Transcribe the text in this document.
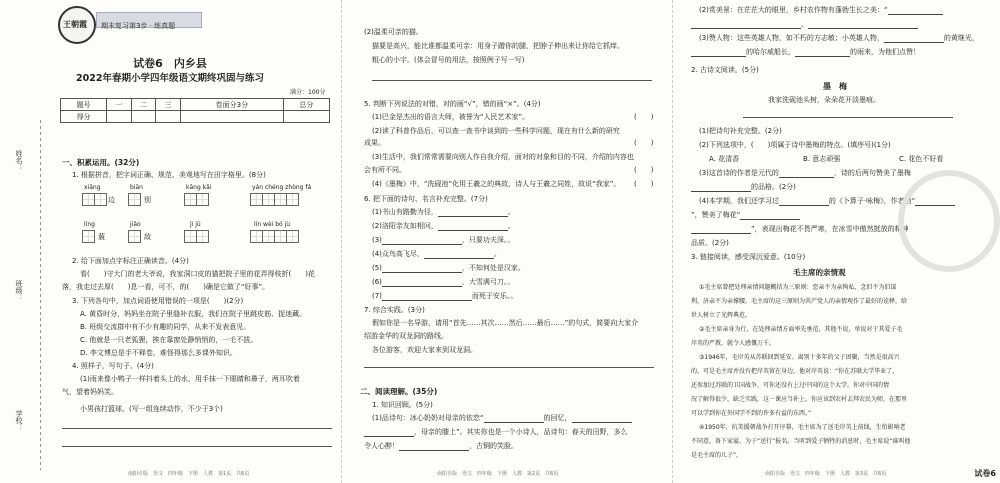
王朝霞	期末复习第3步 · 练真题
试卷6　内乡县
2022年春期小学四年级语文期终巩固与练习
满分：100分
题号	一	二	三	卷面分3分	总分
得分					
姓名：
班级：
学校：
一、积累运用。(32分)
1. 根据拼音，把字词正确、规范、美观地写在田字格里。(8分)
xiǎng	biān	kāng kǎi	yán chéng zhòng fá
边	别
líng	jiǎo	jì jū	lín wèi bó jù
藐	敌
2. 给下面加点字标注正确读音。(4分)
看(　　)守大门的老大爷说，我家洞口皮的猫把院子里的花弄得枝折(　　)花
落，我走过去厚(　　)息一看，可不，的(　　)确是它做了“好事”。
3. 下列各句中，加点词语使用错误的一项是(　　)(2分)
A. 黄昏时分，妈妈坐在院子里缝补衣服，我们在院子里跳皮筋、捉迷藏。
B. 班级交流群中有不少有趣的同学，从来不发表意见。
C. 他就是一只老狐狸，挨在靠窗处静悄悄的，一毛不拔。
D. 李文博总是手不释卷，难怪得那么多课外知识。
4. 照样子，写句子。(4分)
(1)雨来像小鸭子一样抖着头上的水，用手抹一下眼睛和鼻子，两耳吹着
气，望着妈妈笑。
小男孩打篮球。(写一组连续动作，不少于3个)
南阳专版　语文　四年级　下册　人教　第1页　共6页
(2)温柔可亲的猫。
猫要是高兴，能比谁都温柔可亲：用身子蹭你的腿，把脖子伸出来让你给它抓痒。
粗心的小宇。(体会冒号的用法，按照例子写一写)
5. 判断下列说法的对错，对的画“√”，错的画“×”。(4分)
(1)巴金是杰出的语言大师，被誉为“人民艺术家”。
(2)读了科普作品后，可以查一查书中谈到的一些科学问题，现在有什么新的研究
成果。
(3)生活中，我们常常需要向别人作自我介绍，面对的对象和目的不同，介绍的内容也
会有所不同。
(4)《墨梅》中，“洗砚池”化用王羲之的典故，诗人与王羲之同姓，故说“我家”。
(　　)
(　　)
(　　)
(　　)
6. 把下面的诗句、名言补充完整。(7分)
(1)书山有路勤为径，	。
(2)洛阳亲友如相问，	。
(3)	，只要功夫深。。
(4)众鸟高飞尽，	。
(5)	，不知何处是汉家。
(6)	，大雪满弓刀。。
(7)	而死于安乐。。
7. 综合实践。(3分)
假如你是一名导游，请用“首先……其次……然后……最后……”的句式，简要向大家介
绍游金华的双龙洞的路线。
各位游客，欢迎大家来到双龙洞。
二、阅读理解。(35分)
1. 知识回顾。(5分)
(1)品诗句：冰心奶奶对母亲的依恋“	的回忆，
，母亲的膝上”。其实你也是一个小诗人，品诗句：春天的田野，多么
令人心醉！	，古铜的笑脸。
南阳专版　语文　四年级　下册　人教　第2页　共6页
(2)赏美景：在茫茫大的眼里，乡村农作物有蓬勃生长之美：“
，
(3)赞人物：这些英雄人物，如不朽的方志敏；小英雄人物，	的黄继光，
的哈尔威船长，	的雨来，为他们点赞！
2. 古诗文阅读。(5分)
墨　梅
我家洗砚池头树，朵朵花开淡墨痕。
(1)把诗句补充完整。(2分)
(2)下列选项中，(　　)项属于诗中墨梅的特点。(填序号)(1分)
A. 花清香	B. 意志顽强	C. 花色不好看
(3)这首诗的作者是元代的	，诗的后两句赞美了墨梅
的品格。(2分)
(4)本学期，我们还学习过	的《卜算子·咏梅》，作者借“
”，赞美了梅花“
”，表现出梅花不畏严寒，在冰雪中傲然挺放的精神
品质。(2分)
3. 链接阅读，感受深沉爱意。(10分)
毛主席的亲情观
①毛主席曾把处理亲情问题概括为三原则：恋亲不为亲徇私，念旧不为旧谋
利，济亲不为亲撑腰。毛主席的这三原则为共产党人的亲情观作了最好的诠释，给
世人树立了光辉典范。
②毛主席亲身为行，在处理亲情方面率先垂范，其他不说，单说对于其爱子毛
岸英的严教，就令人感慨万千。
③1946年，毛岸英从苏联回到延安。离别十多年的父子团聚，当然是很高兴
的。可是毛主席并没有把岸英留在身边。他对岸英说：“你在苏联大学毕业了，
还参加过苏联的卫国战争，可你还没有上过中国的这个大学。你对中国的情
况了解得很少，缺乏实践，这一课应当补上。你应该到农村去拜农民为师，在那里
可以学到你在外国学不到的许多有益的东西。”
④1950年，抗美援朝战争打开序幕，毛主席为了送毛岸英上前线，生怕影响老
不同意，备下家宴，为子“送行”报名。当听到爱子牺牲的消息时，毛主席说“谁叫他
是毛主席的儿子”。
南阳专版　语文　四年级　下册　人教　第3页　共6页	试卷6
